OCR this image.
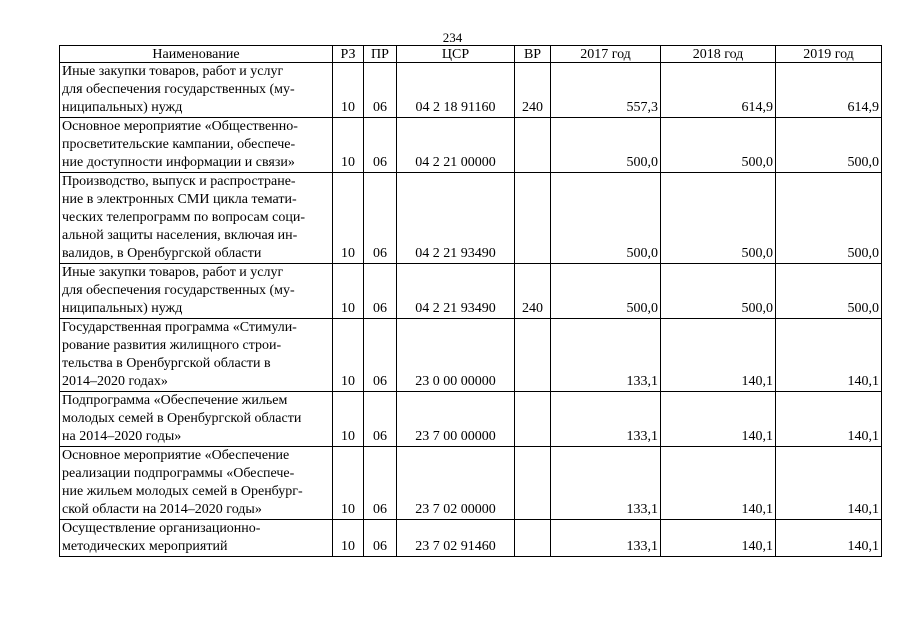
234
Наименование	РЗ	ПР	ЦСР	ВР	2017 год	2018 год	2019 год

Иные закупки товаров, работ и услуг
для обеспечения государственных (му-
ниципальных) нужд	10	06	04 2 18 91160	240	557,3	614,9	614,9

Основное мероприятие «Общественно-
просветительские кампании, обеспече-
ние доступности информации и связи»	10	06	04 2 21 00000		500,0	500,0	500,0

Производство, выпуск и распростране-
ние в электронных СМИ цикла темати-
ческих телепрограмм по вопросам соци-
альной защиты населения, включая ин-
валидов, в Оренбургской области	10	06	04 2 21 93490		500,0	500,0	500,0

Иные закупки товаров, работ и услуг
для обеспечения государственных (му-
ниципальных) нужд	10	06	04 2 21 93490	240	500,0	500,0	500,0

Государственная программа «Стимули-
рование развития жилищного строи-
тельства в Оренбургской области в
2014–2020 годах»	10	06	23 0 00 00000		133,1	140,1	140,1

Подпрограмма «Обеспечение жильем
молодых семей в Оренбургской области
на 2014–2020 годы»	10	06	23 7 00 00000		133,1	140,1	140,1

Основное мероприятие «Обеспечение
реализации подпрограммы «Обеспече-
ние жильем молодых семей в Оренбург-
ской области на 2014–2020 годы»	10	06	23 7 02 00000		133,1	140,1	140,1

Осуществление организационно-
методических мероприятий	10	06	23 7 02 91460		133,1	140,1	140,1
